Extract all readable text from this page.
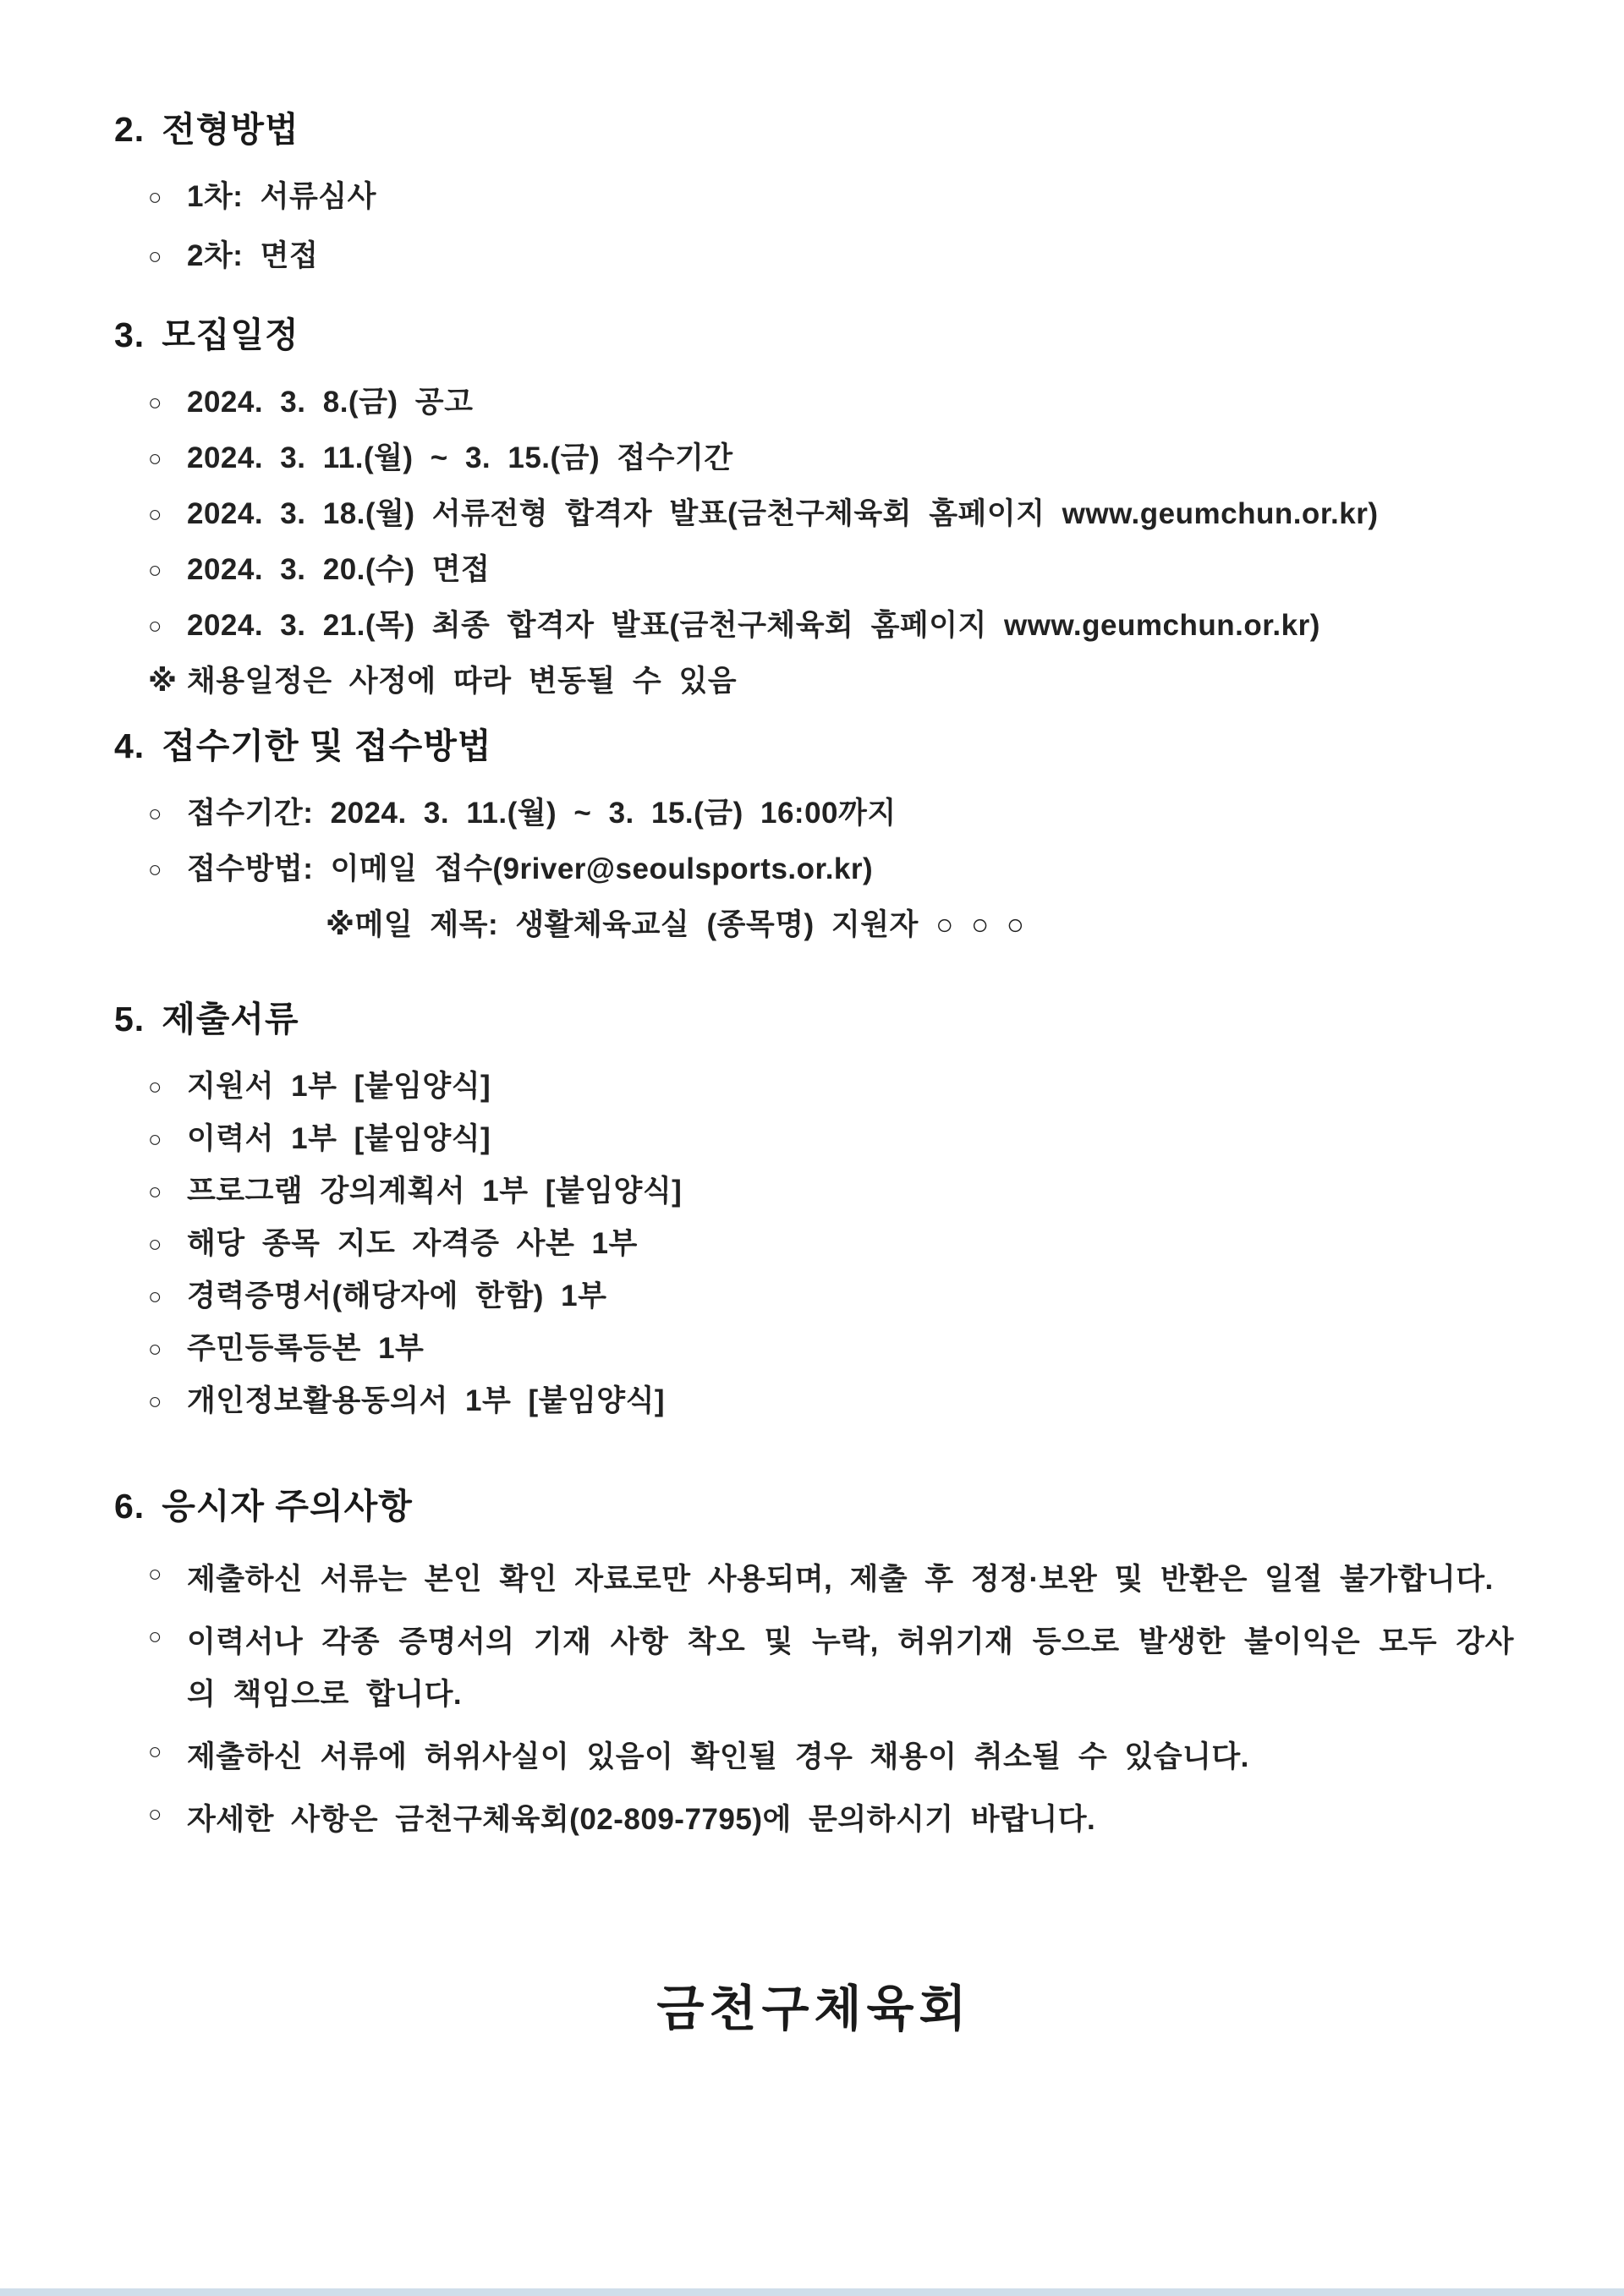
2. 전형방법
○ 1차: 서류심사
○ 2차: 면접
3. 모집일정
○ 2024. 3. 8.(금) 공고
○ 2024. 3. 11.(월) ~ 3. 15.(금) 접수기간
○ 2024. 3. 18.(월) 서류전형 합격자 발표(금천구체육회 홈페이지 www.geumchun.or.kr)
○ 2024. 3. 20.(수) 면접
○ 2024. 3. 21.(목) 최종 합격자 발표(금천구체육회 홈페이지 www.geumchun.or.kr)
※ 채용일정은 사정에 따라 변동될 수 있음
4. 접수기한 및 접수방법
○ 접수기간: 2024. 3. 11.(월) ~ 3. 15.(금) 16:00까지
○ 접수방법: 이메일 접수(9river@seoulsports.or.kr)
※메일 제목: 생활체육교실 (종목명) 지원자 ○ ○ ○
5. 제출서류
○ 지원서 1부 [붙임양식]
○ 이력서 1부 [붙임양식]
○ 프로그램 강의계획서 1부 [붙임양식]
○ 해당 종목 지도 자격증 사본 1부
○ 경력증명서(해당자에 한함) 1부
○ 주민등록등본 1부
○ 개인정보활용동의서 1부 [붙임양식]
6. 응시자 주의사항
○ 제출하신 서류는 본인 확인 자료로만 사용되며, 제출 후 정정·보완 및 반환은 일절 불가합니다.
○ 이력서나 각종 증명서의 기재 사항 착오 및 누락, 허위기재 등으로 발생한 불이익은 모두 강사의 책임으로 합니다.
○ 제출하신 서류에 허위사실이 있음이 확인될 경우 채용이 취소될 수 있습니다.
○ 자세한 사항은 금천구체육회(02-809-7795)에 문의하시기 바랍니다.
금천구체육회
